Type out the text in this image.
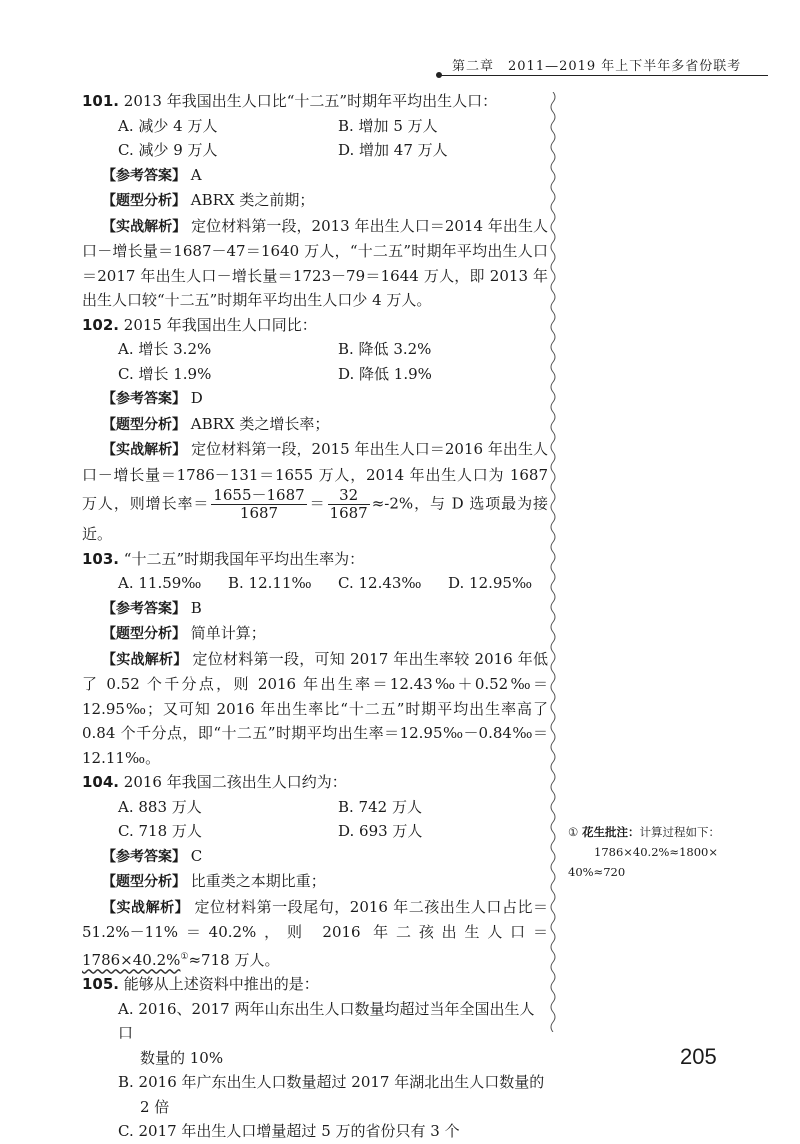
第二章　2011—2019 年上下半年多省份联考
101. 2013 年我国出生人口比“十二五”时期年平均出生人口：
A. 减少 4 万人	B. 增加 5 万人
C. 减少 9 万人	D. 增加 47 万人
【参考答案】 A
【题型分析】 ABRX 类之前期；
【实战解析】 定位材料第一段，2013 年出生人口＝2014 年出生人口－增长量＝1687－47＝1640 万人，“十二五”时期年平均出生人口＝2017 年出生人口－增长量＝1723－79＝1644 万人，即 2013 年出生人口较“十二五”时期年平均出生人口少 4 万人。
102. 2015 年我国出生人口同比：
A. 增长 3.2%	B. 降低 3.2%
C. 增长 1.9%	D. 降低 1.9%
【参考答案】 D
【题型分析】 ABRX 类之增长率；
【实战解析】 定位材料第一段，2015 年出生人口＝2016 年出生人口－增长量＝1786－131＝1655 万人，2014 年出生人口为 1687 万人，则增长率＝ $\frac{1655-1687}{1687} = \frac{32}{1687} \approx-2\%$，与 D 选项最为接近。
103. “十二五”时期我国年平均出生率为：
A. 11.59‰	B. 12.11‰	C. 12.43‰	D. 12.95‰
【参考答案】 B
【题型分析】 简单计算；
【实战解析】 定位材料第一段，可知 2017 年出生率较 2016 年低了 0.52 个千分点，则 2016 年出生率＝12.43‰＋0.52‰＝12.95‰；又可知 2016 年出生率比“十二五”时期平均出生率高了 0.84 个千分点，即“十二五”时期平均出生率＝12.95‰－0.84‰＝12.11‰。
104. 2016 年我国二孩出生人口约为：
A. 883 万人	B. 742 万人
C. 718 万人	D. 693 万人
【参考答案】 C
【题型分析】 比重类之本期比重；
【实战解析】 定位材料第一段尾句，2016 年二孩出生人口占比＝51.2%－11%＝40.2%，则 2016 年二孩出生人口＝1786×40.2%①≈718 万人。
105. 能够从上述资料中推出的是：
A. 2016、2017 两年山东出生人口数量均超过当年全国出生人口
数量的 10%
B. 2016 年广东出生人口数量超过 2017 年湖北出生人口数量的
2 倍
C. 2017 年出生人口增量超过 5 万的省份只有 3 个
① 花生批注：计算过程如下：
1786×40.2%≈1800×
40%≈720
205
